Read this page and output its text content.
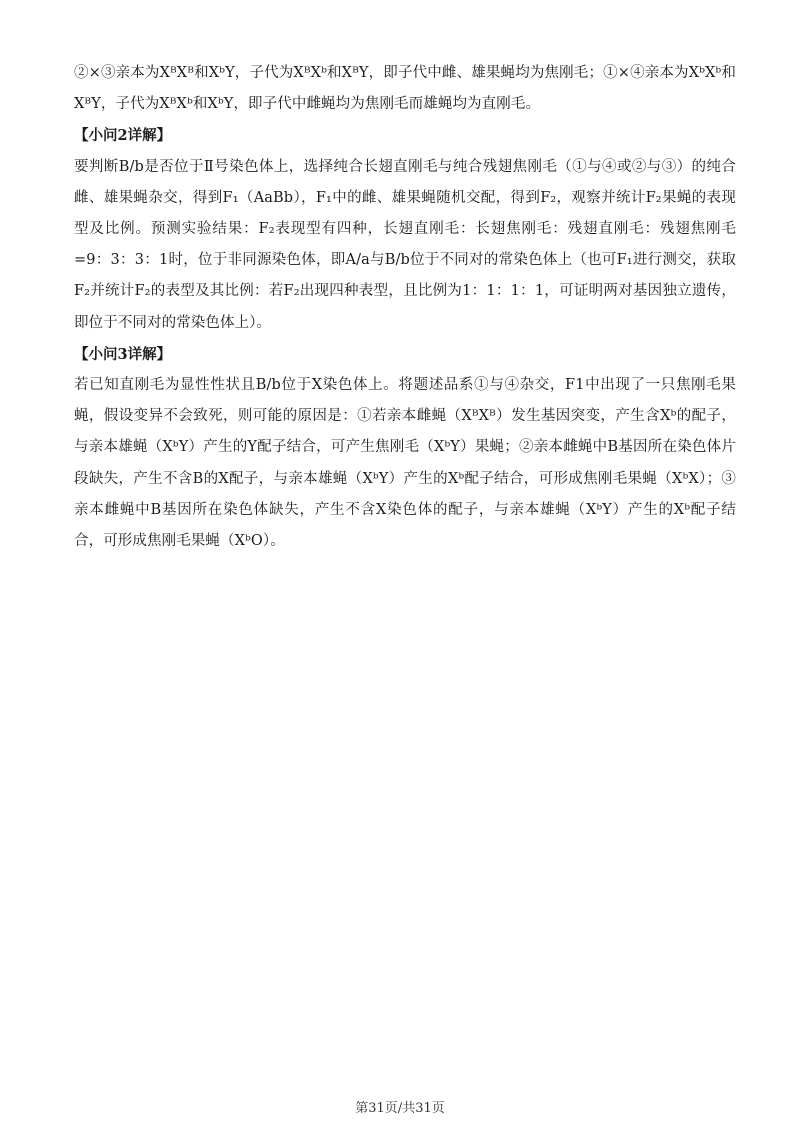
②×③亲本为XᴮXᴮ和XᵇY，子代为XᴮXᵇ和XᴮY，即子代中雌、雄果蝇均为焦刚毛；①×④亲本为XᵇXᵇ和XᴮY，子代为XᴮXᵇ和XᵇY，即子代中雌蝇均为焦刚毛而雄蝇均为直刚毛。

【小问2详解】

要判断B/b是否位于Ⅱ号染色体上，选择纯合长翅直刚毛与纯合残翅焦刚毛（①与④或②与③）的纯合雌、雄果蝇杂交，得到F₁（AaBb），F₁中的雌、雄果蝇随机交配，得到F₂，观察并统计F₂果蝇的表现型及比例。预测实验结果：F₂表现型有四种，长翅直刚毛：长翅焦刚毛：残翅直刚毛：残翅焦刚毛=9：3：3：1时，位于非同源染色体，即A/a与B/b位于不同对的常染色体上（也可F₁进行测交，获取F₂并统计F₂的表型及其比例：若F₂出现四种表型，且比例为1：1：1：1，可证明两对基因独立遗传，即位于不同对的常染色体上）。

【小问3详解】

若已知直刚毛为显性性状且B/b位于X染色体上。将题述品系①与④杂交，F1中出现了一只焦刚毛果蝇，假设变异不会致死，则可能的原因是：①若亲本雌蝇（XᴮXᴮ）发生基因突变，产生含Xᵇ的配子，与亲本雄蝇（XᵇY）产生的Y配子结合，可产生焦刚毛（XᵇY）果蝇；②亲本雌蝇中B基因所在染色体片段缺失，产生不含B的X配子，与亲本雄蝇（XᵇY）产生的Xᵇ配子结合，可形成焦刚毛果蝇（XᵇX）；③亲本雌蝇中B基因所在染色体缺失，产生不含X染色体的配子，与亲本雄蝇（XᵇY）产生的Xᵇ配子结合，可形成焦刚毛果蝇（XᵇO）。

第31页/共31页
